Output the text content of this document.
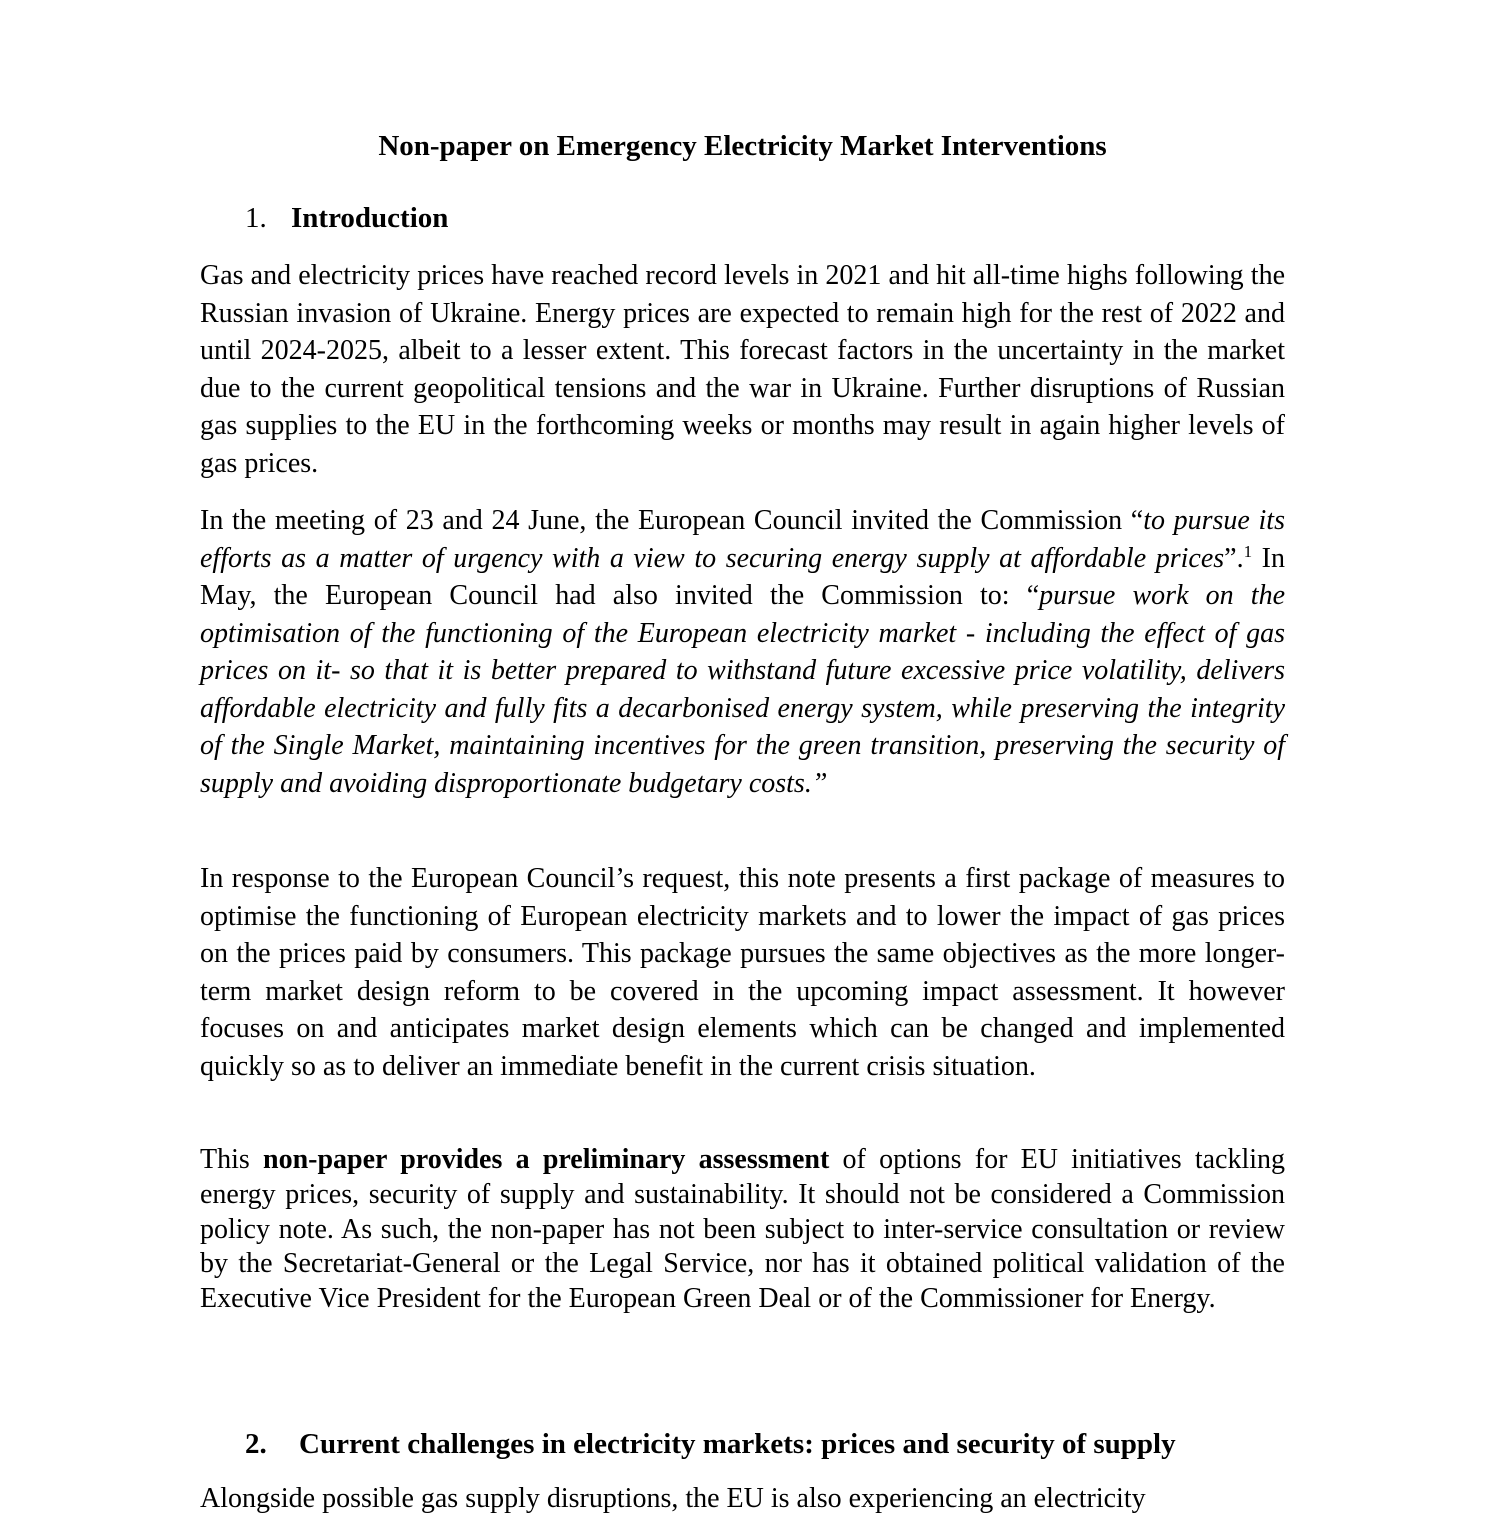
Non-paper on Emergency Electricity Market Interventions
1. Introduction

Gas and electricity prices have reached record levels in 2021 and hit all-time highs following the Russian invasion of Ukraine. Energy prices are expected to remain high for the rest of 2022 and until 2024-2025, albeit to a lesser extent. This forecast factors in the uncertainty in the market due to the current geopolitical tensions and the war in Ukraine. Further disruptions of Russian gas supplies to the EU in the forthcoming weeks or months may result in again higher levels of gas prices.

In the meeting of 23 and 24 June, the European Council invited the Commission “to pursue its efforts as a matter of urgency with a view to securing energy supply at affordable prices”.$^1$ In May, the European Council had also invited the Commission to: “pursue work on the optimisation of the functioning of the European electricity market - including the effect of gas prices on it- so that it is better prepared to withstand future excessive price volatility, delivers affordable electricity and fully fits a decarbonised energy system, while preserving the integrity of the Single Market, maintaining incentives for the green transition, preserving the security of supply and avoiding disproportionate budgetary costs.”

In response to the European Council’s request, this note presents a first package of measures to optimise the functioning of European electricity markets and to lower the impact of gas prices on the prices paid by consumers. This package pursues the same objectives as the more longer-term market design reform to be covered in the upcoming impact assessment. It however focuses on and anticipates market design elements which can be changed and implemented quickly so as to deliver an immediate benefit in the current crisis situation.

This non-paper provides a preliminary assessment of options for EU initiatives tackling energy prices, security of supply and sustainability. It should not be considered a Commission policy note. As such, the non-paper has not been subject to inter-service consultation or review by the Secretariat-General or the Legal Service, nor has it obtained political validation of the Executive Vice President for the European Green Deal or of the Commissioner for Energy.

2. Current challenges in electricity markets: prices and security of supply

Alongside possible gas supply disruptions, the EU is also experiencing an electricity
